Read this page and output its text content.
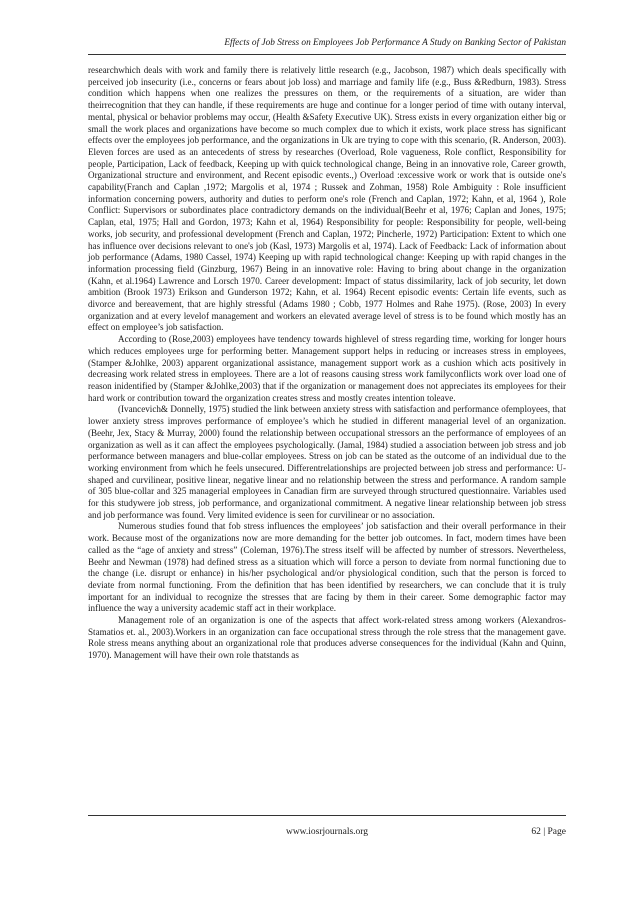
Effects of Job Stress on Employees Job Performance A Study on Banking Sector of Pakistan

researchwhich deals with work and family there is relatively little research (e.g., Jacobson, 1987) which deals specifically with perceived job insecurity (i.e., concerns or fears about job loss) and marriage and family life (e.g., Buss &Redburn, 1983). Stress condition which happens when one realizes the pressures on them, or the requirements of a situation, are wider than theirrecognition that they can handle, if these requirements are huge and continue for a longer period of time with outany interval, mental, physical or behavior problems may occur, (Health &Safety Executive UK). Stress exists in every organization either big or small the work places and organizations have become so much complex due to which it exists, work place stress has significant effects over the employees job performance, and the organizations in Uk are trying to cope with this scenario, (R. Anderson, 2003). Eleven forces are used as an antecedents of stress by researches (Overload, Role vagueness, Role conflict, Responsibility for people, Participation, Lack of feedback, Keeping up with quick technological change, Being in an innovative role, Career growth, Organizational structure and environment, and Recent episodic events.,) Overload :excessive work or work that is outside one's capability(Franch and Caplan ,1972; Margolis et al, 1974 ; Russek and Zohman, 1958) Role Ambiguity : Role insufficient information concerning powers, authority and duties to perform one's role (French and Caplan, 1972; Kahn, et al, 1964 ), Role Conflict: Supervisors or subordinates place contradictory demands on the individual(Beehr et al, 1976; Caplan and Jones, 1975; Caplan, etal, 1975; Hall and Gordon, 1973; Kahn et al, 1964) Responsibility for people: Responsibility for people, well-being works, job security, and professional development (French and Caplan, 1972; Pincherle, 1972) Participation: Extent to which one has influence over decisions relevant to one's job (Kasl, 1973) Margolis et al, 1974). Lack of Feedback: Lack of information about job performance (Adams, 1980 Cassel, 1974) Keeping up with rapid technological change: Keeping up with rapid changes in the information processing field (Ginzburg, 1967) Being in an innovative role: Having to bring about change in the organization (Kahn, et al.1964) Lawrence and Lorsch 1970. Career development: Impact of status dissimilarity, lack of job security, let down ambition (Brook 1973) Erikson and Gunderson 1972; Kahn, et al. 1964) Recent episodic events: Certain life events, such as divorce and bereavement, that are highly stressful (Adams 1980 ; Cobb, 1977 Holmes and Rahe 1975). (Rose, 2003) In every organization and at every levelof management and workers an elevated average level of stress is to be found which mostly has an effect on employee’s job satisfaction.

According to (Rose,2003) employees have tendency towards highlevel of stress regarding time, working for longer hours which reduces employees urge for performing better. Management support helps in reducing or increases stress in employees, (Stamper &Johlke, 2003) apparent organizational assistance, management support work as a cushion which acts positively in decreasing work related stress in employees. There are a lot of reasons causing stress work familyconflicts work over load one of reason inidentified by (Stamper &Johlke,2003) that if the organization or management does not appreciates its employees for their hard work or contribution toward the organization creates stress and mostly creates intention toleave.

(Ivancevich& Donnelly, 1975) studied the link between anxiety stress with satisfaction and performance ofemployees, that lower anxiety stress improves performance of employee’s which he studied in different managerial level of an organization. (Beehr, Jex, Stacy & Murray, 2000) found the relationship between occupational stressors an the performance of employees of an organization as well as it can affect the employees psychologically. (Jamal, 1984) studied a association between job stress and job performance between managers and blue-collar employees. Stress on job can be stated as the outcome of an individual due to the working environment from which he feels unsecured. Differentrelationships are projected between job stress and performance: U-shaped and curvilinear, positive linear, negative linear and no relationship between the stress and performance. A random sample of 305 blue-collar and 325 managerial employees in Canadian firm are surveyed through structured questionnaire. Variables used for this studywere job stress, job performance, and organizational commitment. A negative linear relationship between job stress and job performance was found. Very limited evidence is seen for curvilinear or no association.

Numerous studies found that fob stress influences the employees’ job satisfaction and their overall performance in their work. Because most of the organizations now are more demanding for the better job outcomes. In fact, modern times have been called as the “age of anxiety and stress” (Coleman, 1976).The stress itself will be affected by number of stressors. Nevertheless, Beehr and Newman (1978) had defined stress as a situation which will force a person to deviate from normal functioning due to the change (i.e. disrupt or enhance) in his/her psychological and/or physiological condition, such that the person is forced to deviate from normal functioning. From the definition that has been identified by researchers, we can conclude that it is truly important for an individual to recognize the stresses that are facing by them in their career. Some demographic factor may influence the way a university academic staff act in their workplace.

Management role of an organization is one of the aspects that affect work-related stress among workers (Alexandros-Stamatios et. al., 2003).Workers in an organization can face occupational stress through the role stress that the management gave. Role stress means anything about an organizational role that produces adverse consequences for the individual (Kahn and Quinn, 1970). Management will have their own role thatstands as

www.iosrjournals.org	62 | Page
